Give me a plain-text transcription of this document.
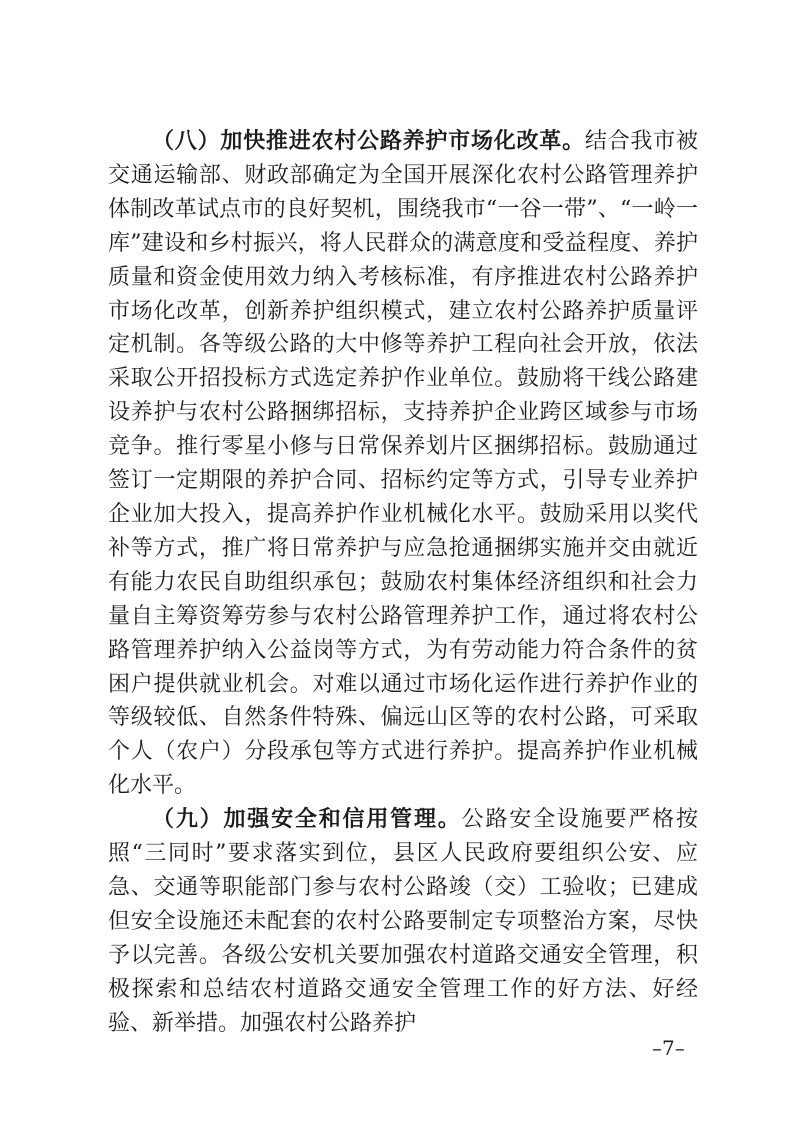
（八）加快推进农村公路养护市场化改革。结合我市被交通运输部、财政部确定为全国开展深化农村公路管理养护体制改革试点市的良好契机，围绕我市“一谷一带”、“一岭一库”建设和乡村振兴，将人民群众的满意度和受益程度、养护质量和资金使用效力纳入考核标准，有序推进农村公路养护市场化改革，创新养护组织模式，建立农村公路养护质量评定机制。各等级公路的大中修等养护工程向社会开放，依法采取公开招投标方式选定养护作业单位。鼓励将干线公路建设养护与农村公路捆绑招标，支持养护企业跨区域参与市场竞争。推行零星小修与日常保养划片区捆绑招标。鼓励通过签订一定期限的养护合同、招标约定等方式，引导专业养护企业加大投入，提高养护作业机械化水平。鼓励采用以奖代补等方式，推广将日常养护与应急抢通捆绑实施并交由就近有能力农民自助组织承包；鼓励农村集体经济组织和社会力量自主筹资筹劳参与农村公路管理养护工作，通过将农村公路管理养护纳入公益岗等方式，为有劳动能力符合条件的贫困户提供就业机会。对难以通过市场化运作进行养护作业的等级较低、自然条件特殊、偏远山区等的农村公路，可采取个人（农户）分段承包等方式进行养护。提高养护作业机械化水平。

（九）加强安全和信用管理。公路安全设施要严格按照“三同时”要求落实到位，县区人民政府要组织公安、应急、交通等职能部门参与农村公路竣（交）工验收；已建成但安全设施还未配套的农村公路要制定专项整治方案，尽快予以完善。各级公安机关要加强农村道路交通安全管理，积极探索和总结农村道路交通安全管理工作的好方法、好经验、新举措。加强农村公路养护

–7–
